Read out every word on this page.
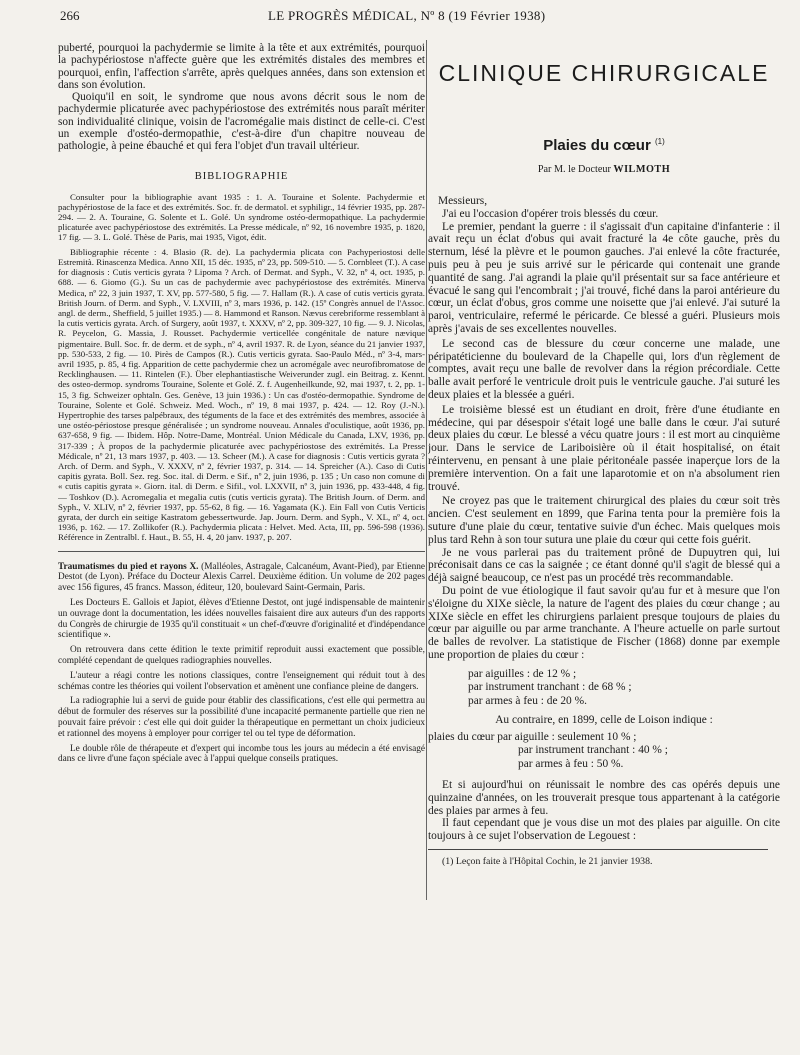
266	LE PROGRÈS MÉDICAL, Nº 8 (19 Février 1938)

puberté, pourquoi la pachydermie se limite à la tête et aux extrémités, pourquoi la pachypériostose n'affecte guère que les extrémités distales des membres et pourquoi, enfin, l'affection s'arrête, après quelques années, dans son extension et dans son évolution.

Quoiqu'il en soit, le syndrome que nous avons décrit sous le nom de pachydermie plicaturée avec pachypériostose des extrémités nous paraît mériter son individualité clinique, voisin de l'acromégalie mais distinct de celle-ci. C'est un exemple d'ostéo-dermopathie, c'est-à-dire d'un chapitre nouveau de pathologie, à peine ébauché et qui fera l'objet d'un travail ultérieur.

BIBLIOGRAPHIE

Consulter pour la bibliographie avant 1935 : 1. A. Touraine et Solente. Pachydermie et pachypériostose de la face et des extrémités. Soc. fr. de dermatol. et syphiligr., 14 février 1935, pp. 287-294. — 2. A. Touraine, G. Solente et L. Golé. Un syndrome ostéo-dermopathique. La pachydermie plicaturée avec pachypériostose des extrémités. La Presse médicale, nº 92, 16 novembre 1935, p. 1820, 17 fig. — 3. L. Golé. Thèse de Paris, mai 1935, Vigot, édit.

Bibliographie récente : 4. Blasio (R. de). La pachydermia plicata con Pachyperiostosi delle Estremità. Rinascenza Medica. Anno XII, 15 déc. 1935, nº 23, pp. 509-510. — 5. Cornbleet (T.). A case for diagnosis : Cutis verticis gyrata ? Lipoma ? Arch. of Dermat. and Syph., V. 32, nº 4, oct. 1935, p. 688. — 6. Giomo (G.). Su un cas de pachydermie avec pachypériostose des extrémités. Minerva Medica, nº 22, 3 juin 1937, T. XV, pp. 577-580, 5 fig. — 7. Hallam (R.). A case of cutis verticis gyrata. British Journ. of Derm. and Syph., V. LXVIII, nº 3, mars 1936, p. 142. (15º Congrès annuel de l'Assoc. angl. de derm., Sheffield, 5 juillet 1935.) — 8. Hammond et Ranson. Nævus cerebriforme ressemblant à la cutis verticis gyrata. Arch. of Surgery, août 1937, t. XXXV, nº 2, pp. 309-327, 10 fig. — 9. J. Nicolas, R. Peycelon, G. Massia, J. Rousset. Pachydermie verticellée congénitale de nature nævique pigmentaire. Bull. Soc. fr. de derm. et de syph., nº 4, avril 1937. R. de Lyon, séance du 21 janvier 1937, pp. 530-533, 2 fig. — 10. Pirès de Campos (R.). Cutis verticis gyrata. Sao-Paulo Méd., nº 3-4, mars-avril 1935, p. 85, 4 fig. Apparition de cette pachydermie chez un acromégale avec neurofibromatose de Recklinghausen. — 11. Rintelen (F.). Über elephantiastische Weiverunder zugl. ein Beitrag. z. Kennt. des osteo-dermop. syndroms Touraine, Solente et Golé. Z. f. Augenheilkunde, 92, mai 1937, t. 2, pp. 1-15, 3 fig. Schweizer ophtaln. Ges. Genève, 13 juin 1936.) : Un cas d'ostéo-dermopathie. Syndrome de Touraine, Solente et Golé. Schweiz. Med. Woch., nº 19, 8 mai 1937, p. 424. — 12. Roy (J.-N.). Hypertrophie des tarses palpébraux, des téguments de la face et des extrémités des membres, associée à une ostéo-périostose presque généralisée ; un syndrome nouveau. Annales d'oculistique, août 1936, pp. 637-658, 9 fig. — Ibidem. Hôp. Notre-Dame, Montréal. Union Médicale du Canada, LXV, 1936, pp. 317-339 ; À propos de la pachydermie plicaturée avec pachypériostose des extrémités. La Presse Médicale, nº 21, 13 mars 1937, p. 403. — 13. Scheer (M.). A case for diagnosis : Cutis verticis gyrata ? Arch. of Derm. and Syph., V. XXXV, nº 2, février 1937, p. 314. — 14. Spreicher (A.). Caso di Cutis capitis gyrata. Boll. Sez. reg. Soc. ital. di Derm. e Sif., nº 2, juin 1936, p. 135 ; Un caso non comune di « cutis capitis gyrata ». Giorn. ital. di Derm. e Sifil., vol. LXXVII, nº 3, juin 1936, pp. 433-448, 4 fig. — Toshkov (D.). Acromegalia et megalia cutis (cutis verticis gyrata). The British Journ. of Derm. and Syph., V. XLIV, nº 2, février 1937, pp. 55-62, 8 fig. — 16. Yagamata (K.). Ein Fall von Cutis Verticis gyrata, der durch ein seitige Kastratom gebessertwurde. Jap. Journ. Derm. and Syph., V. XL, nº 4, oct. 1936, p. 162. — 17. Zollikofer (R.). Pachydermia plicata : Helvet. Med. Acta, III, pp. 596-598 (1936). Référence in Zentralbl. f. Haut., B. 55, H. 4, 20 janv. 1937, p. 207.

Traumatismes du pied et rayons X. (Malléoles, Astragale, Calcanéum, Avant-Pied), par Etienne Destot (de Lyon). Préface du Docteur Alexis Carrel. Deuxième édition. Un volume de 202 pages avec 156 figures, 45 francs. Masson, éditeur, 120, boulevard Saint-Germain, Paris.

Les Docteurs E. Gallois et Japiot, élèves d'Etienne Destot, ont jugé indispensable de maintenir un ouvrage dont la documentation, les idées nouvelles faisaient dire aux auteurs d'un des rapports du Congrès de chirurgie de 1935 qu'il constituait « un chef-d'œuvre d'originalité et d'indépendance scientifique ».

On retrouvera dans cette édition le texte primitif reproduit aussi exactement que possible, complété cependant de quelques radiographies nouvelles.

L'auteur a réagi contre les notions classiques, contre l'enseignement qui réduit tout à des schémas contre les théories qui voilent l'observation et amènent une confiance pleine de dangers.

La radiographie lui a servi de guide pour établir des classifications, c'est elle qui permettra au début de formuler des réserves sur la possibilité d'une incapacité permanente partielle que rien ne pouvait faire prévoir : c'est elle qui doit guider la thérapeutique en permettant un choix judicieux et rationnel des moyens à employer pour corriger tel ou tel type de déformation.

Le double rôle de thérapeute et d'expert qui incombe tous les jours au médecin a été envisagé dans ce livre d'une façon spéciale avec à l'appui quelque conseils pratiques.

CLINIQUE CHIRURGICALE
Plaies du cœur $^{(1)}$
Par M. le Docteur WILMOTH

Messieurs,

J'ai eu l'occasion d'opérer trois blessés du cœur.

Le premier, pendant la guerre : il s'agissait d'un capitaine d'infanterie : il avait reçu un éclat d'obus qui avait fracturé la 4e côte gauche, près du sternum, lésé la plèvre et le poumon gauches. J'ai enlevé la côte fracturée, puis peu à peu je suis arrivé sur le péricarde qui contenait une grande quantité de sang. J'ai agrandi la plaie qu'il présentait sur sa face antérieure et évacué le sang qui l'encombrait ; j'ai trouvé, fiché dans la paroi antérieure du cœur, un éclat d'obus, gros comme une noisette que j'ai enlevé. J'ai suturé la paroi, ventriculaire, refermé le péricarde. Ce blessé a guéri. Plusieurs mois après j'avais de ses excellentes nouvelles.

Le second cas de blessure du cœur concerne une malade, une péripatéticienne du boulevard de la Chapelle qui, lors d'un règlement de comptes, avait reçu une balle de revolver dans la région précordiale. Cette balle avait perforé le ventricule droit puis le ventricule gauche. J'ai suturé les deux plaies et la blessée a guéri.

Le troisième blessé est un étudiant en droit, frère d'une étudiante en médecine, qui par désespoir s'était logé une balle dans le cœur. J'ai suturé deux plaies du cœur. Le blessé a vécu quatre jours : il est mort au cinquième jour. Dans le service de Lariboisière où il était hospitalisé, on était réintervenu, en pensant à une plaie péritonéale passée inaperçue lors de la première intervention. On a fait une laparotomie et on n'a absolument rien trouvé.

Ne croyez pas que le traitement chirurgical des plaies du cœur soit très ancien. C'est seulement en 1899, que Farina tenta pour la première fois la suture d'une plaie du cœur, tentative suivie d'un échec. Mais quelques mois plus tard Rehn à son tour sutura une plaie du cœur qui cette fois guérit.

Je ne vous parlerai pas du traitement prôné de Dupuytren qui, lui préconisait dans ce cas la saignée ; ce étant donné qu'il s'agit de blessé qui a déjà saigné beaucoup, ce n'est pas un procédé très recommandable.

Du point de vue étiologique il faut savoir qu'au fur et à mesure que l'on s'éloigne du XIXe siècle, la nature de l'agent des plaies du cœur change ; au XIXe siècle en effet les chirurgiens parlaient presque toujours de plaies du cœur par aiguille ou par arme tranchante. A l'heure actuelle on parle surtout de balles de revolver. La statistique de Fischer (1868) donne par exemple une proportion de plaies du cœur :

par aiguilles : de 12 % ;
par instrument tranchant : de 68 % ;
par armes à feu : de 20 %.

Au contraire, en 1899, celle de Loison indique :

plaies du cœur par aiguille : seulement 10 % ;
par instrument tranchant : 40 % ;
par armes à feu : 50 %.

Et si aujourd'hui on réunissait le nombre des cas opérés depuis une quinzaine d'années, on les trouverait presque tous appartenant à la catégorie des plaies par armes à feu.

Il faut cependant que je vous dise un mot des plaies par aiguille. On cite toujours à ce sujet l'observation de Legouest :

(1) Leçon faite à l'Hôpital Cochin, le 21 janvier 1938.
